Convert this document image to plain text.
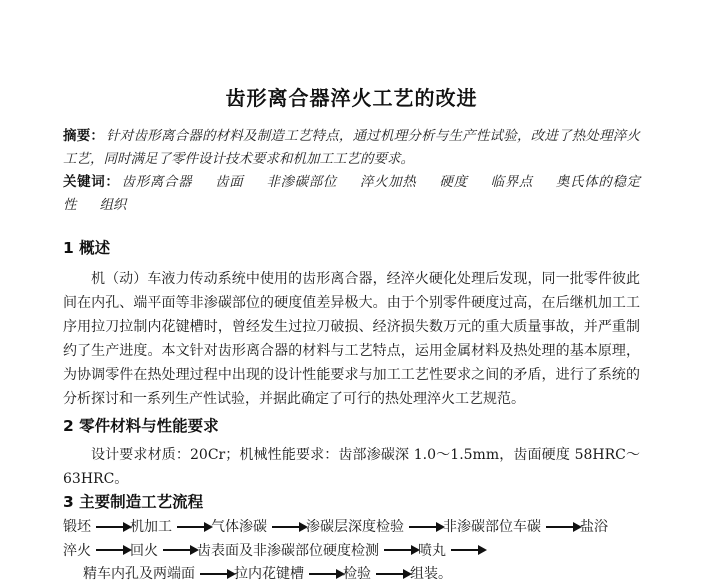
齿形离合器淬火工艺的改进

摘要： 针对齿形离合器的材料及制造工艺特点，通过机理分析与生产性试验，改进了热处理淬火工艺，同时满足了零件设计技术要求和机加工工艺的要求。

关键词： 齿形离合器 齿面 非渗碳部位 淬火加热 硬度 临界点 奥氏体的稳定性 组织

1 概述

机（动）车液力传动系统中使用的齿形离合器，经淬火硬化处理后发现，同一批零件彼此间在内孔、端平面等非渗碳部位的硬度值差异极大。由于个别零件硬度过高，在后继机加工工序用拉刀拉制内花键槽时，曾经发生过拉刀破损、经济损失数万元的重大质量事故，并严重制约了生产进度。本文针对齿形离合器的材料与工艺特点，运用金属材料及热处理的基本原理，为协调零件在热处理过程中出现的设计性能要求与加工工艺性要求之间的矛盾，进行了系统的分析探讨和一系列生产性试验，并据此确定了可行的热处理淬火工艺规范。

2 零件材料与性能要求

设计要求材质：20Cr；机械性能要求：齿部渗碳深 1.0～1.5mm，齿面硬度 58HRC～63HRC。

3 主要制造工艺流程
锻坯	机加工	气体渗碳	渗碳层深度检验	非渗碳部位车碳	盐浴
淬火	回火	齿表面及非渗碳部位硬度检测	喷丸
精车内孔及两端面	拉内花键槽	检验	组装。
